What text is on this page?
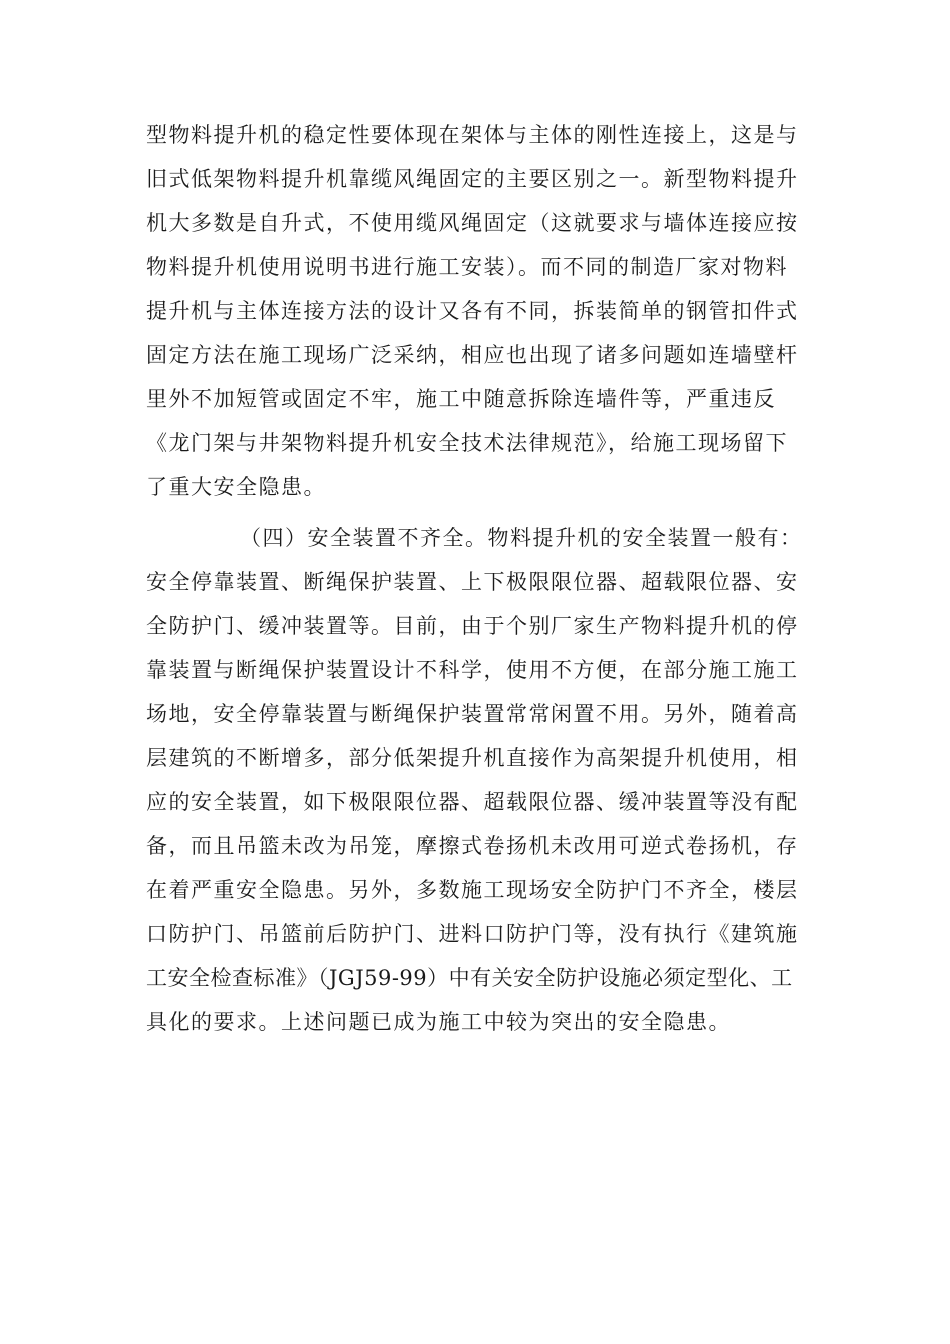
型物料提升机的稳定性要体现在架体与主体的刚性连接上，这是与
旧式低架物料提升机靠缆风绳固定的主要区别之一。新型物料提升
机大多数是自升式，不使用缆风绳固定（这就要求与墙体连接应按
物料提升机使用说明书进行施工安装）。而不同的制造厂家对物料
提升机与主体连接方法的设计又各有不同，拆装简单的钢管扣件式
固定方法在施工现场广泛采纳，相应也出现了诸多问题如连墙壁杆
里外不加短管或固定不牢，施工中随意拆除连墙件等，严重违反
《龙门架与井架物料提升机安全技术法律规范》，给施工现场留下
了重大安全隐患。
（四）安全装置不齐全。物料提升机的安全装置一般有：
安全停靠装置、断绳保护装置、上下极限限位器、超载限位器、安
全防护门、缓冲装置等。目前，由于个别厂家生产物料提升机的停
靠装置与断绳保护装置设计不科学，使用不方便，在部分施工施工
场地，安全停靠装置与断绳保护装置常常闲置不用。另外，随着高
层建筑的不断增多，部分低架提升机直接作为高架提升机使用，相
应的安全装置，如下极限限位器、超载限位器、缓冲装置等没有配
备，而且吊篮未改为吊笼，摩擦式卷扬机未改用可逆式卷扬机，存
在着严重安全隐患。另外，多数施工现场安全防护门不齐全，楼层
口防护门、吊篮前后防护门、进料口防护门等，没有执行《建筑施
工安全检查标准》（JGJ59-99）中有关安全防护设施必须定型化、工
具化的要求。上述问题已成为施工中较为突出的安全隐患。
